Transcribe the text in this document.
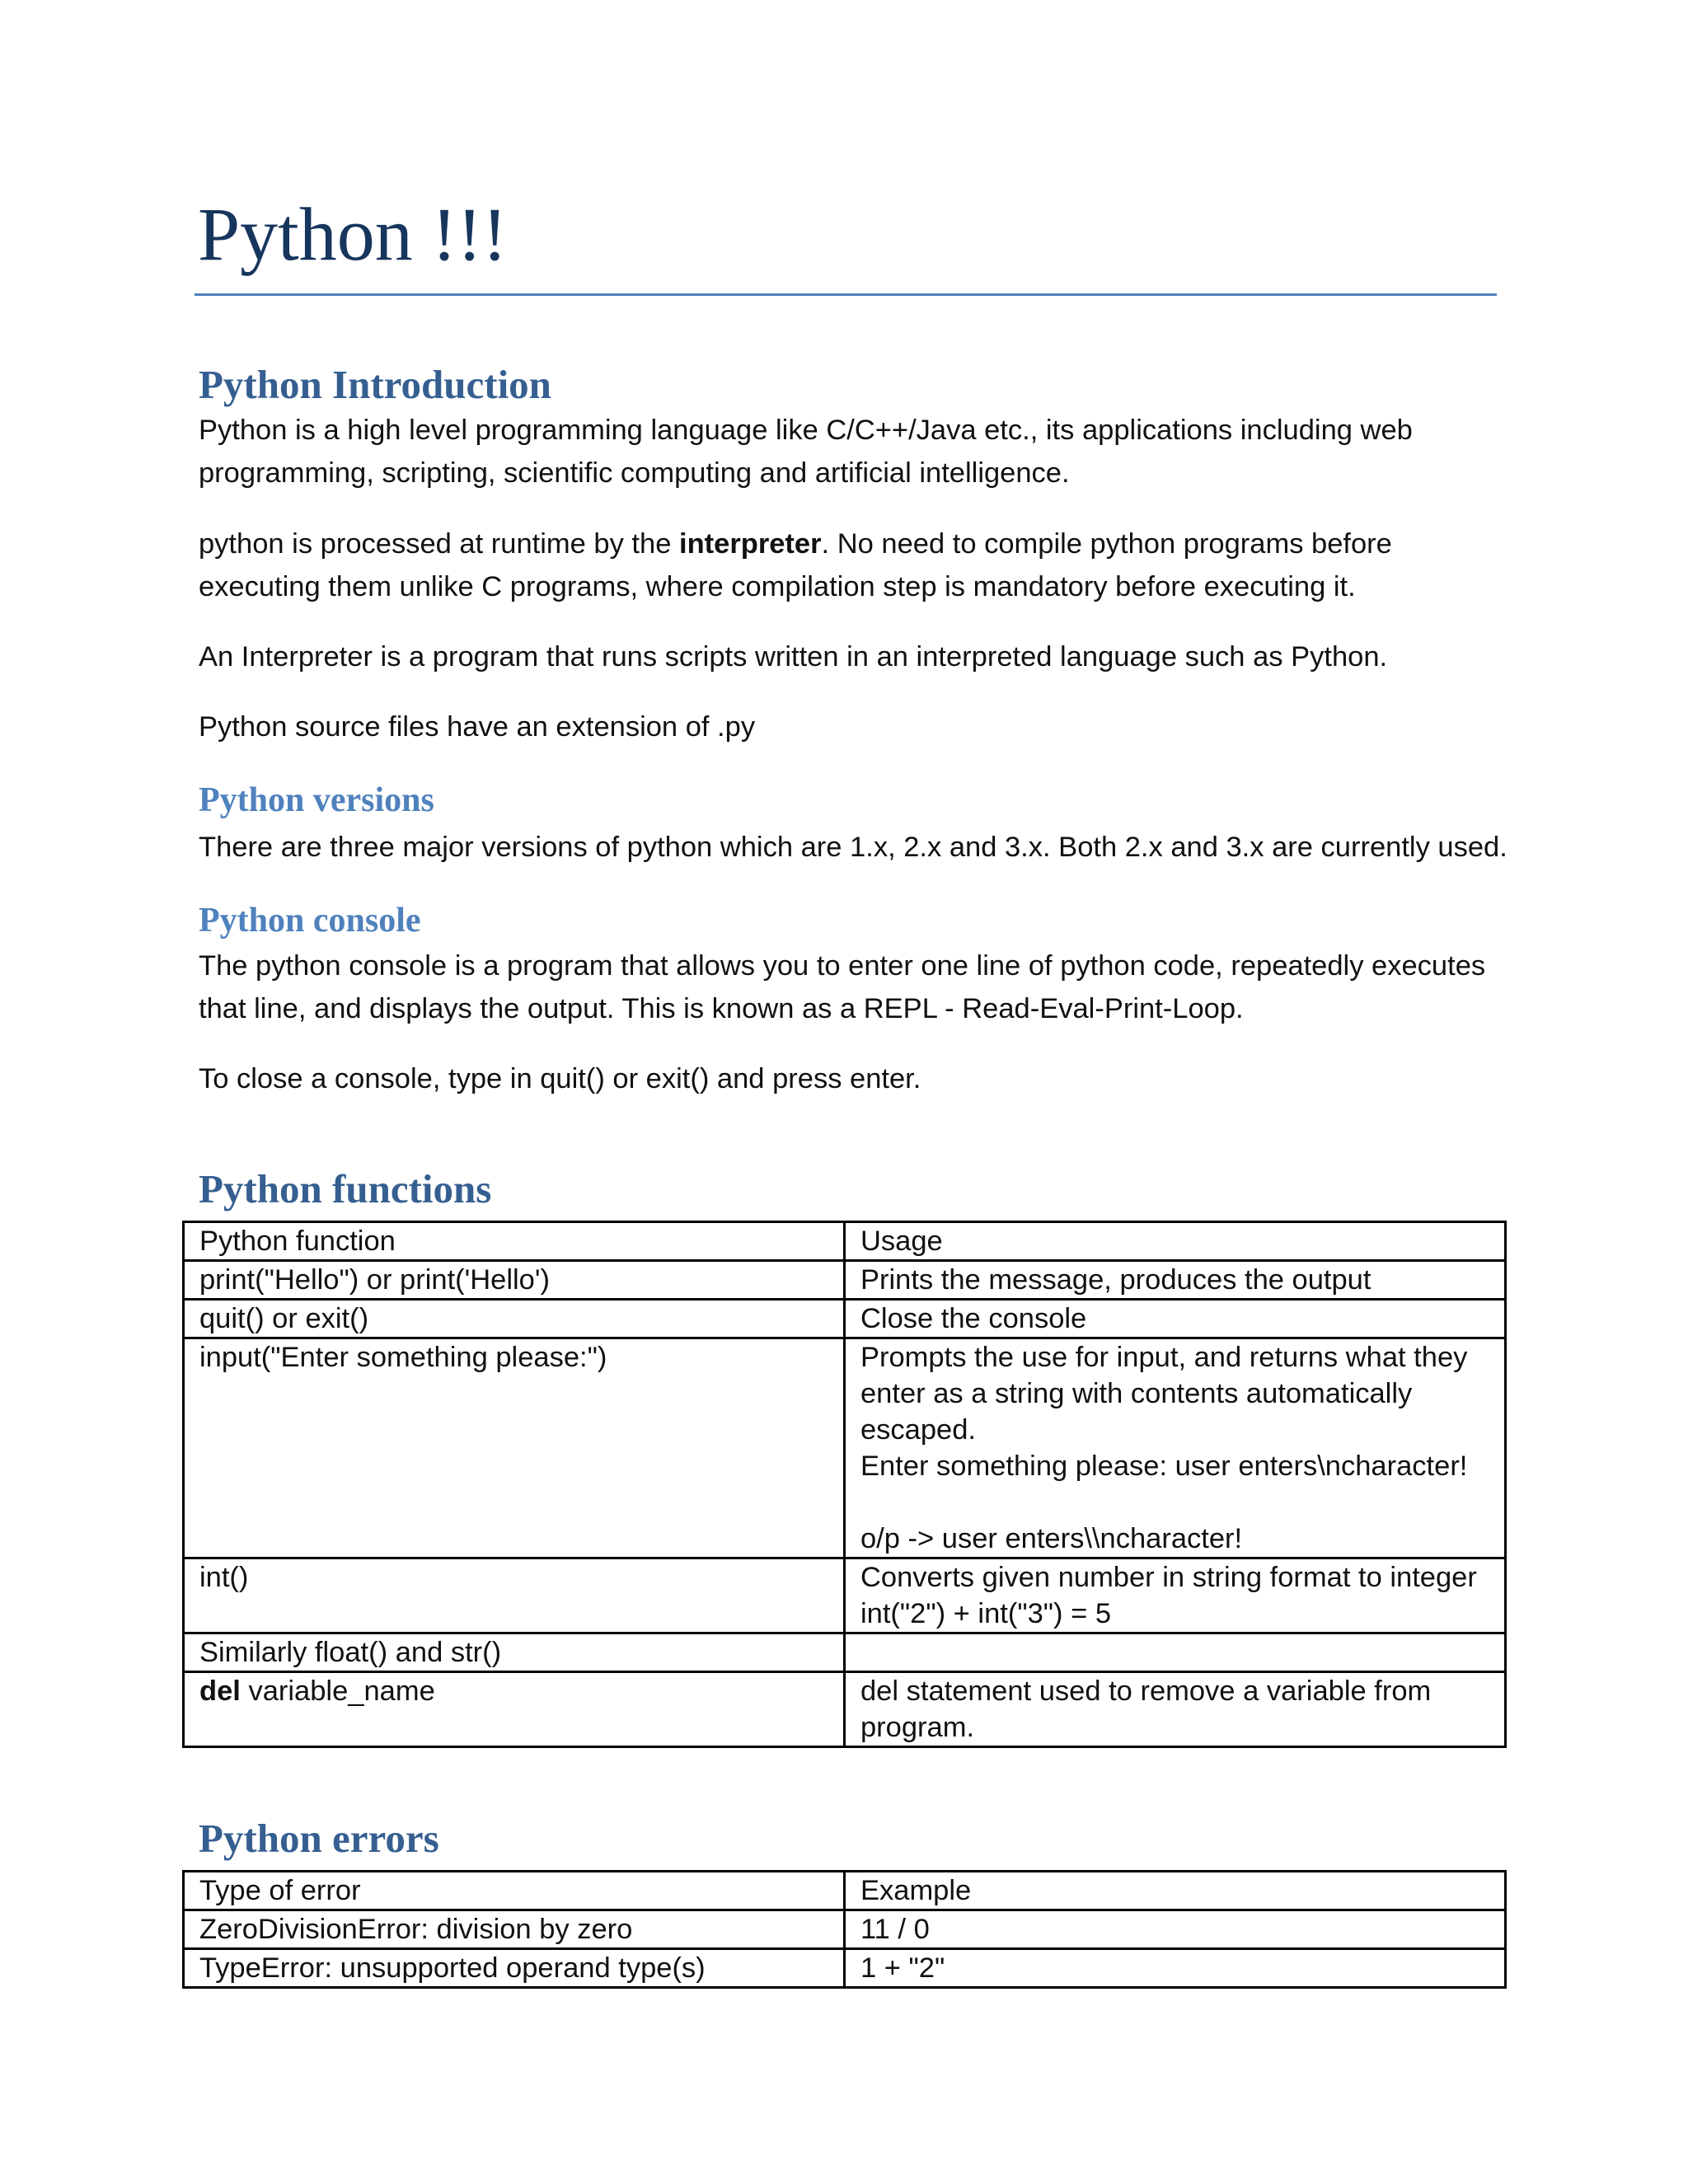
Python !!!
Python Introduction

Python is a high level programming language like C/C++/Java etc., its applications including web programming, scripting, scientific computing and artificial intelligence.

python is processed at runtime by the interpreter. No need to compile python programs before executing them unlike C programs, where compilation step is mandatory before executing it.

An Interpreter is a program that runs scripts written in an interpreted language such as Python.

Python source files have an extension of .py

Python versions

There are three major versions of python which are 1.x, 2.x and 3.x. Both 2.x and 3.x are currently used.

Python console

The python console is a program that allows you to enter one line of python code, repeatedly executes that line, and displays the output. This is known as a REPL - Read-Eval-Print-Loop.

To close a console, type in quit() or exit() and press enter.

Python functions
Python function	Usage
print("Hello") or print('Hello')	Prints the message, produces the output
quit() or exit()	Close the console
input("Enter something please:")	Prompts the use for input, and returns what they enter as a string with contents automatically escaped.
Enter something please: user enters\ncharacter!
o/p -> user enters\\ncharacter!

int()	Converts given number in string format to integer
int("2") + int("3") = 5

Similarly float() and str()	
del variable_name	del statement used to remove a variable from program.
Python errors
Type of error	Example
ZeroDivisionError: division by zero	11 / 0
TypeError: unsupported operand type(s)	1 + "2"
